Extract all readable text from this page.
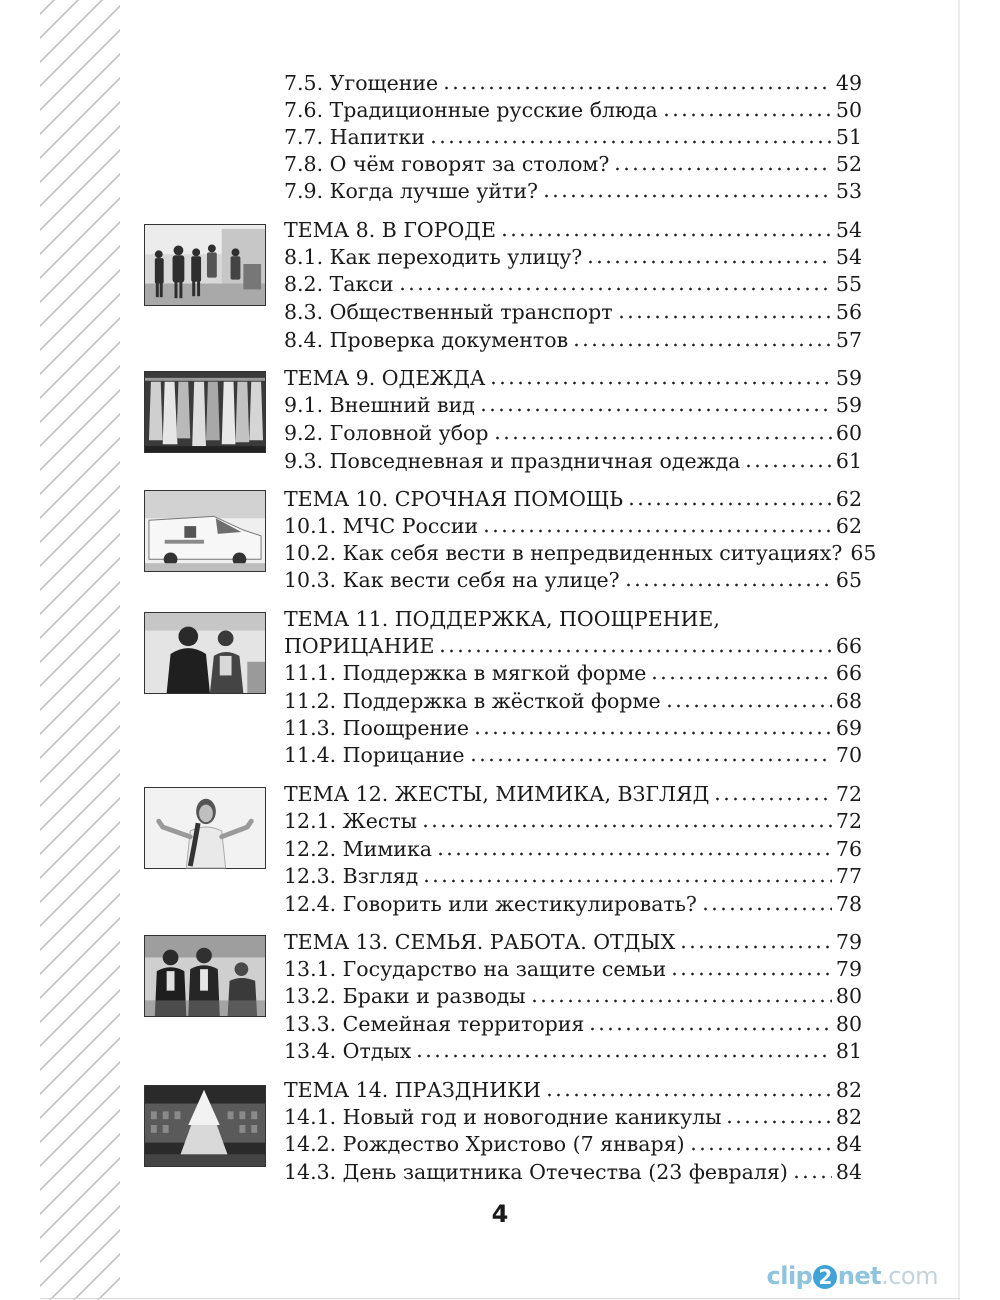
7.5. Угощение	49
7.6. Традиционные русские блюда	50
7.7. Напитки	51
7.8. О чём говорят за столом?	52
7.9. Когда лучше уйти?	53
ТЕМА 8. В ГОРОДЕ	54
8.1. Как переходить улицу?	54
8.2. Такси	55
8.3. Общественный транспорт	56
8.4. Проверка документов	57
ТЕМА 9. ОДЕЖДА	59
9.1. Внешний вид	59
9.2. Головной убор	60
9.3. Повседневная и праздничная одежда	61
ТЕМА 10. СРОЧНАЯ ПОМОЩЬ	62
10.1. МЧС России	62
10.2. Как себя вести в непредвиденных ситуациях? 65
10.3. Как вести себя на улице?	65
ТЕМА 11. ПОДДЕРЖКА, ПООЩРЕНИЕ,
ПОРИЦАНИЕ	66
11.1. Поддержка в мягкой форме	66
11.2. Поддержка в жёсткой форме	68
11.3. Поощрение	69
11.4. Порицание	70
ТЕМА 12. ЖЕСТЫ, МИМИКА, ВЗГЛЯД	72
12.1. Жесты	72
12.2. Мимика	76
12.3. Взгляд	77
12.4. Говорить или жестикулировать?	78
ТЕМА 13. СЕМЬЯ. РАБОТА. ОТДЫХ	79
13.1. Государство на защите семьи	79
13.2. Браки и разводы	80
13.3. Семейная территория	80
13.4. Отдых	81
ТЕМА 14. ПРАЗДНИКИ	82
14.1. Новый год и новогодние каникулы	82
14.2. Рождество Христово (7 января)	84
14.3. День защитника Отечества (23 февраля) 84
4
clip 2 net.com
